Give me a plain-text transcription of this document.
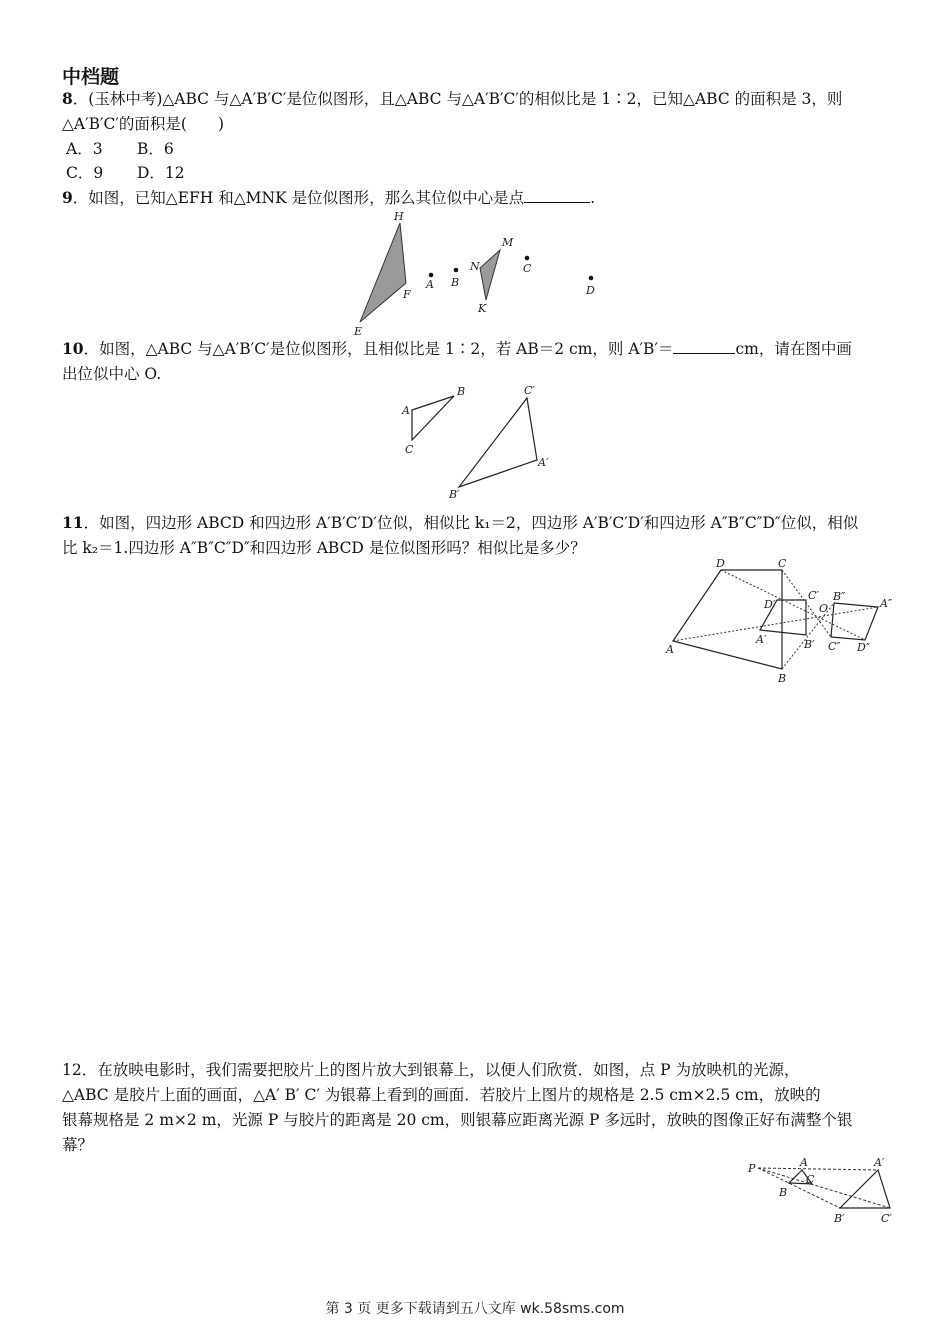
中档题
8．(玉林中考)△ABC 与△A′B′C′是位似图形，且△ABC 与△A′B′C′的相似比是 1∶2，已知△ABC 的面积是 3，则
△A′B′C′的面积是(　　)
A．3 B．6
C．9 D．12
9．如图，已知△EFH 和△MNK 是位似图形，那么其位似中心是点	.
10．如图，△ABC 与△A′B′C′是位似图形，且相似比是 1∶2，若 AB＝2 cm，则 A′B′＝	cm，请在图中画
出位似中心 O.
11．如图，四边形 ABCD 和四边形 A′B′C′D′位似，相似比 k₁＝2，四边形 A′B′C′D′和四边形 A″B″C″D″位似，相似
比 k₂＝1.四边形 A″B″C″D″和四边形 ABCD 是位似图形吗？相似比是多少？
12．在放映电影时，我们需要把胶片上的图片放大到银幕上，以便人们欣赏．如图，点 P 为放映机的光源，
△ABC 是胶片上面的画面，△A′ B′ C′ 为银幕上看到的画面．若胶片上图片的规格是 2.5 cm×2.5 cm，放映的
银幕规格是 2 m×2 m，光源 P 与胶片的距离是 20 cm，则银幕应距离光源 P 多远时，放映的图像正好布满整个银
幕？
H
F
E
A B
N
M
K
C
D
A
B
C
A′
B′
C′
A
B
C
D
A′	B′
C′
D′	O	A″
B″
C″ D″
P	A
B
C
A′
B′	C′
第 3 页 更多下载请到五八文库 wk.58sms.com
